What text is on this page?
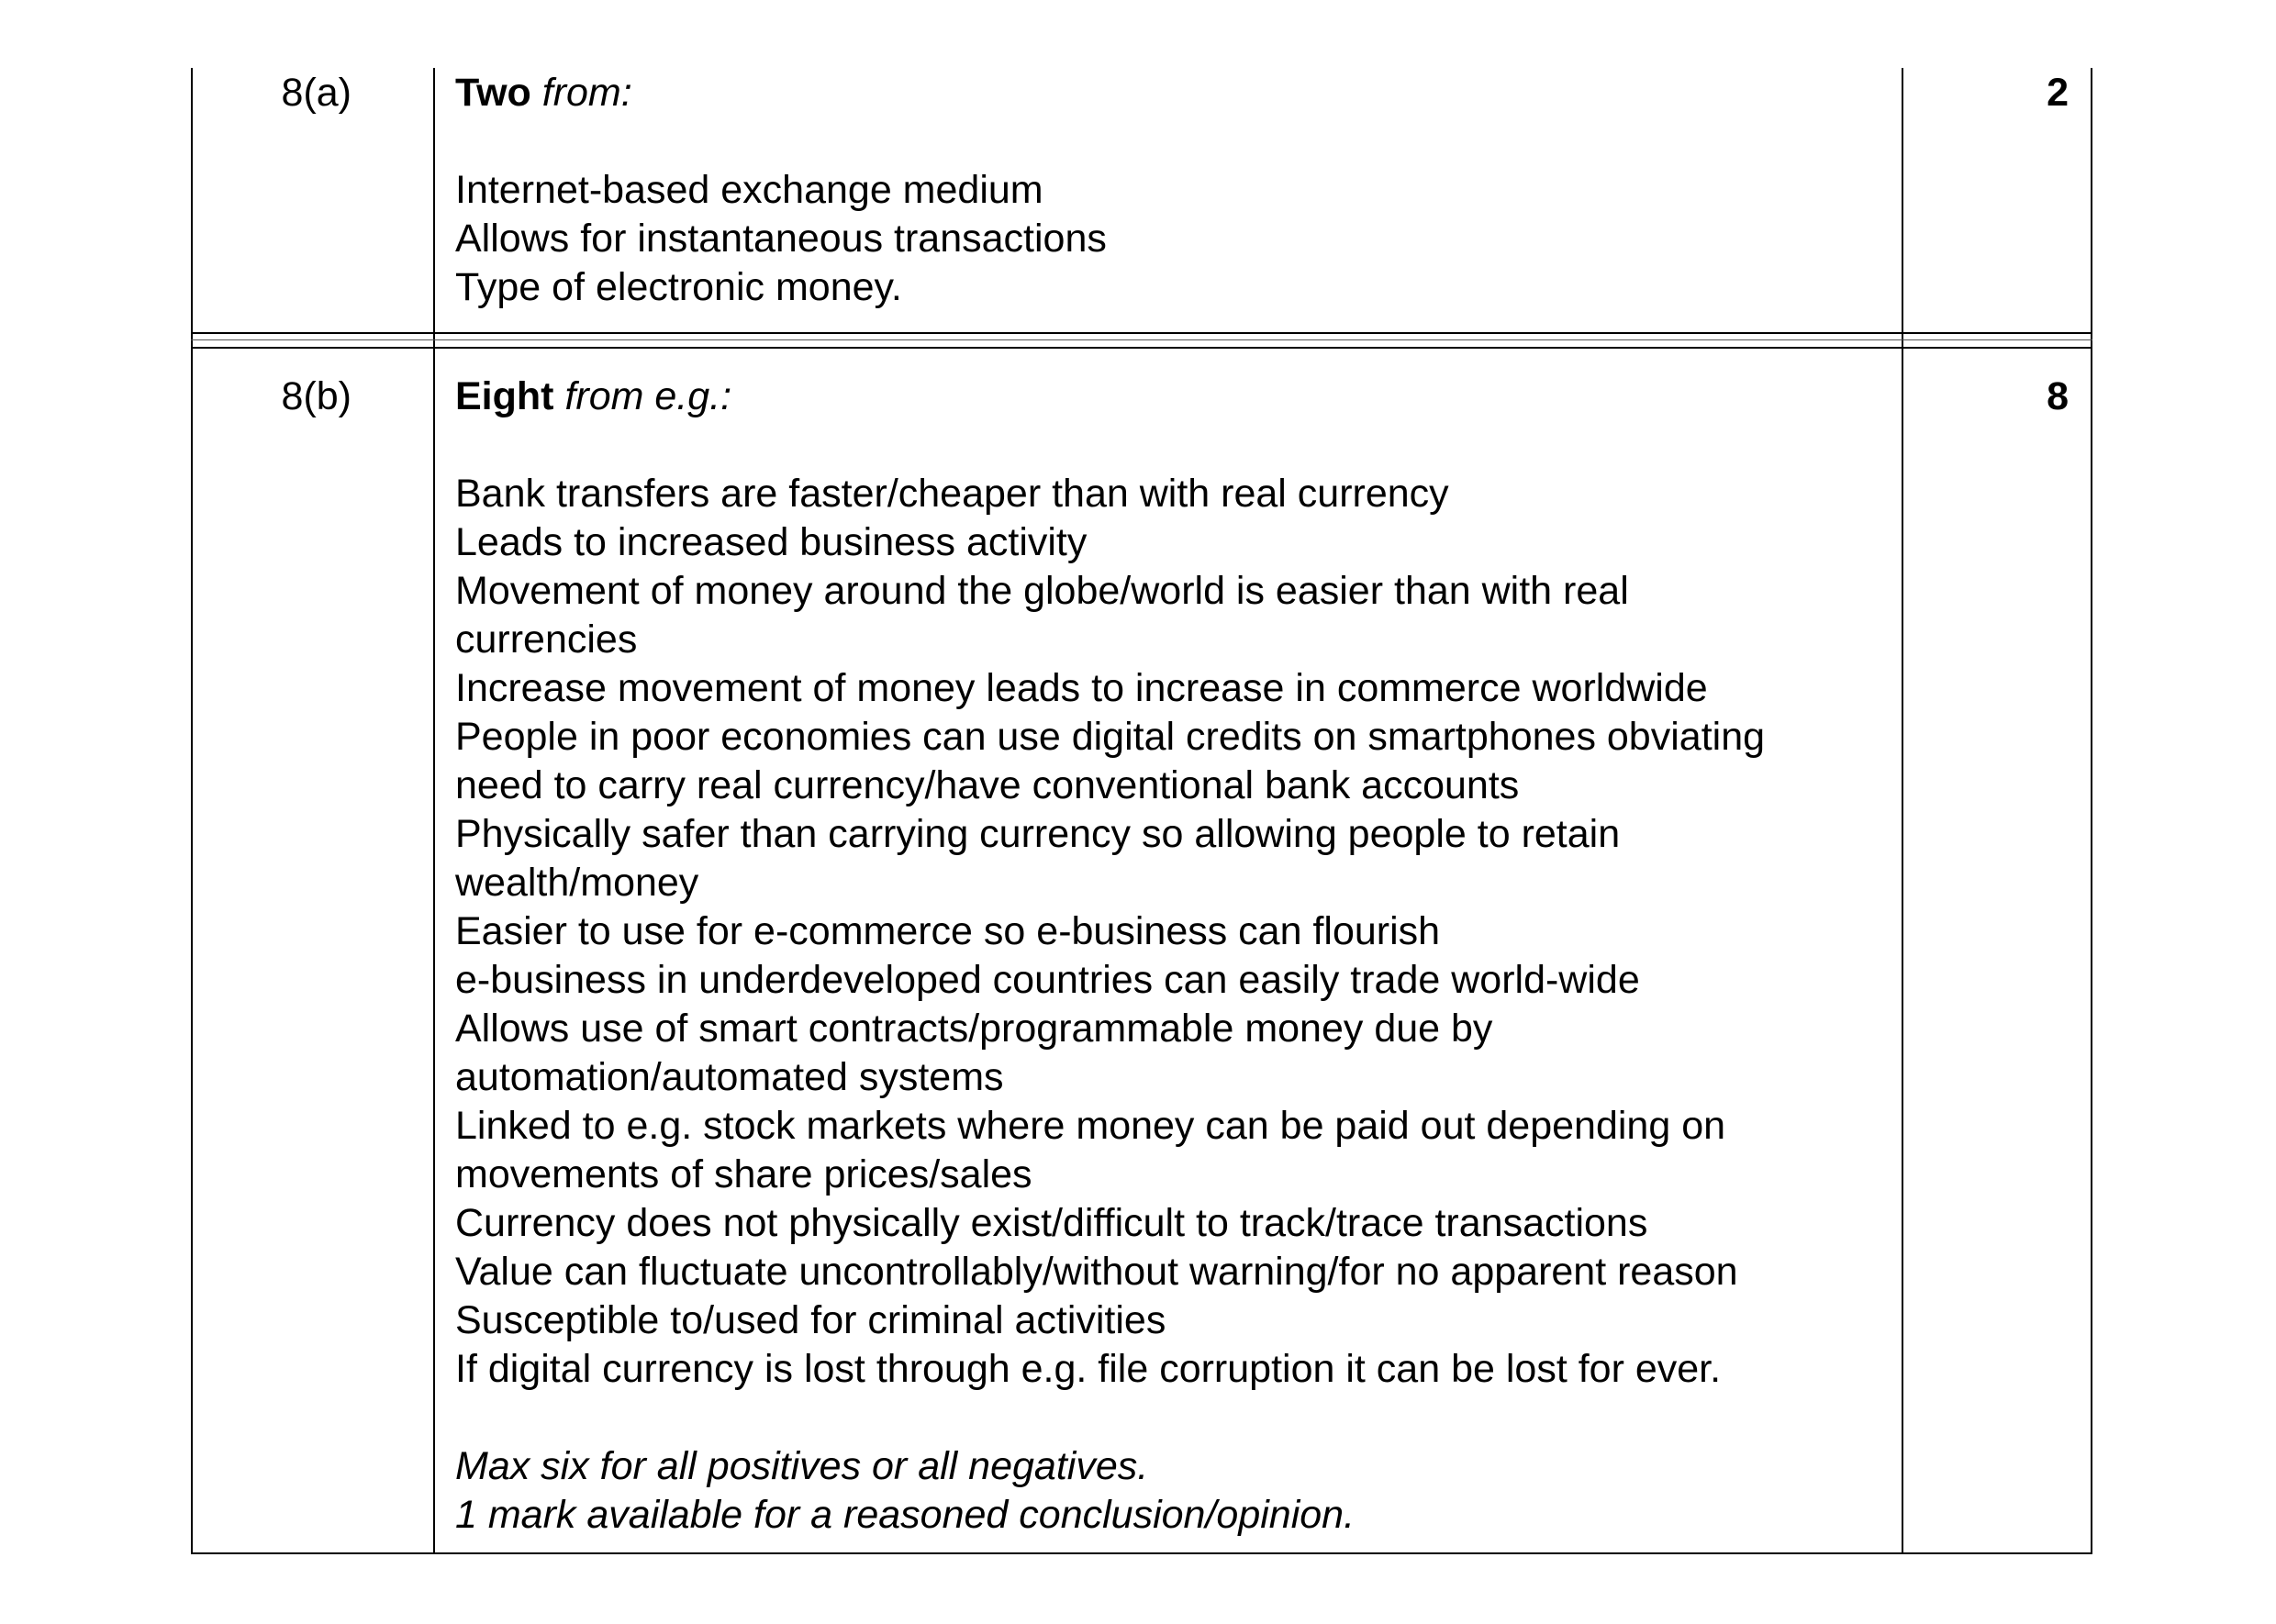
8(a)	Two from:
Internet-based exchange medium
Allows for instantaneous transactions
Type of electronic money.
2
8(b)	Eight from e.g.:
Bank transfers are faster/cheaper than with real currency
Leads to increased business activity
Movement of money around the globe/world is easier than with real
currencies
Increase movement of money leads to increase in commerce worldwide
People in poor economies can use digital credits on smartphones obviating
need to carry real currency/have conventional bank accounts
Physically safer than carrying currency so allowing people to retain
wealth/money
Easier to use for e-commerce so e-business can flourish
e-business in underdeveloped countries can easily trade world-wide
Allows use of smart contracts/programmable money due by
automation/automated systems
Linked to e.g. stock markets where money can be paid out depending on
movements of share prices/sales
Currency does not physically exist/difficult to track/trace transactions
Value can fluctuate uncontrollably/without warning/for no apparent reason
Susceptible to/used for criminal activities
If digital currency is lost through e.g. file corruption it can be lost for ever.
Max six for all positives or all negatives.
1 mark available for a reasoned conclusion/opinion.
8
